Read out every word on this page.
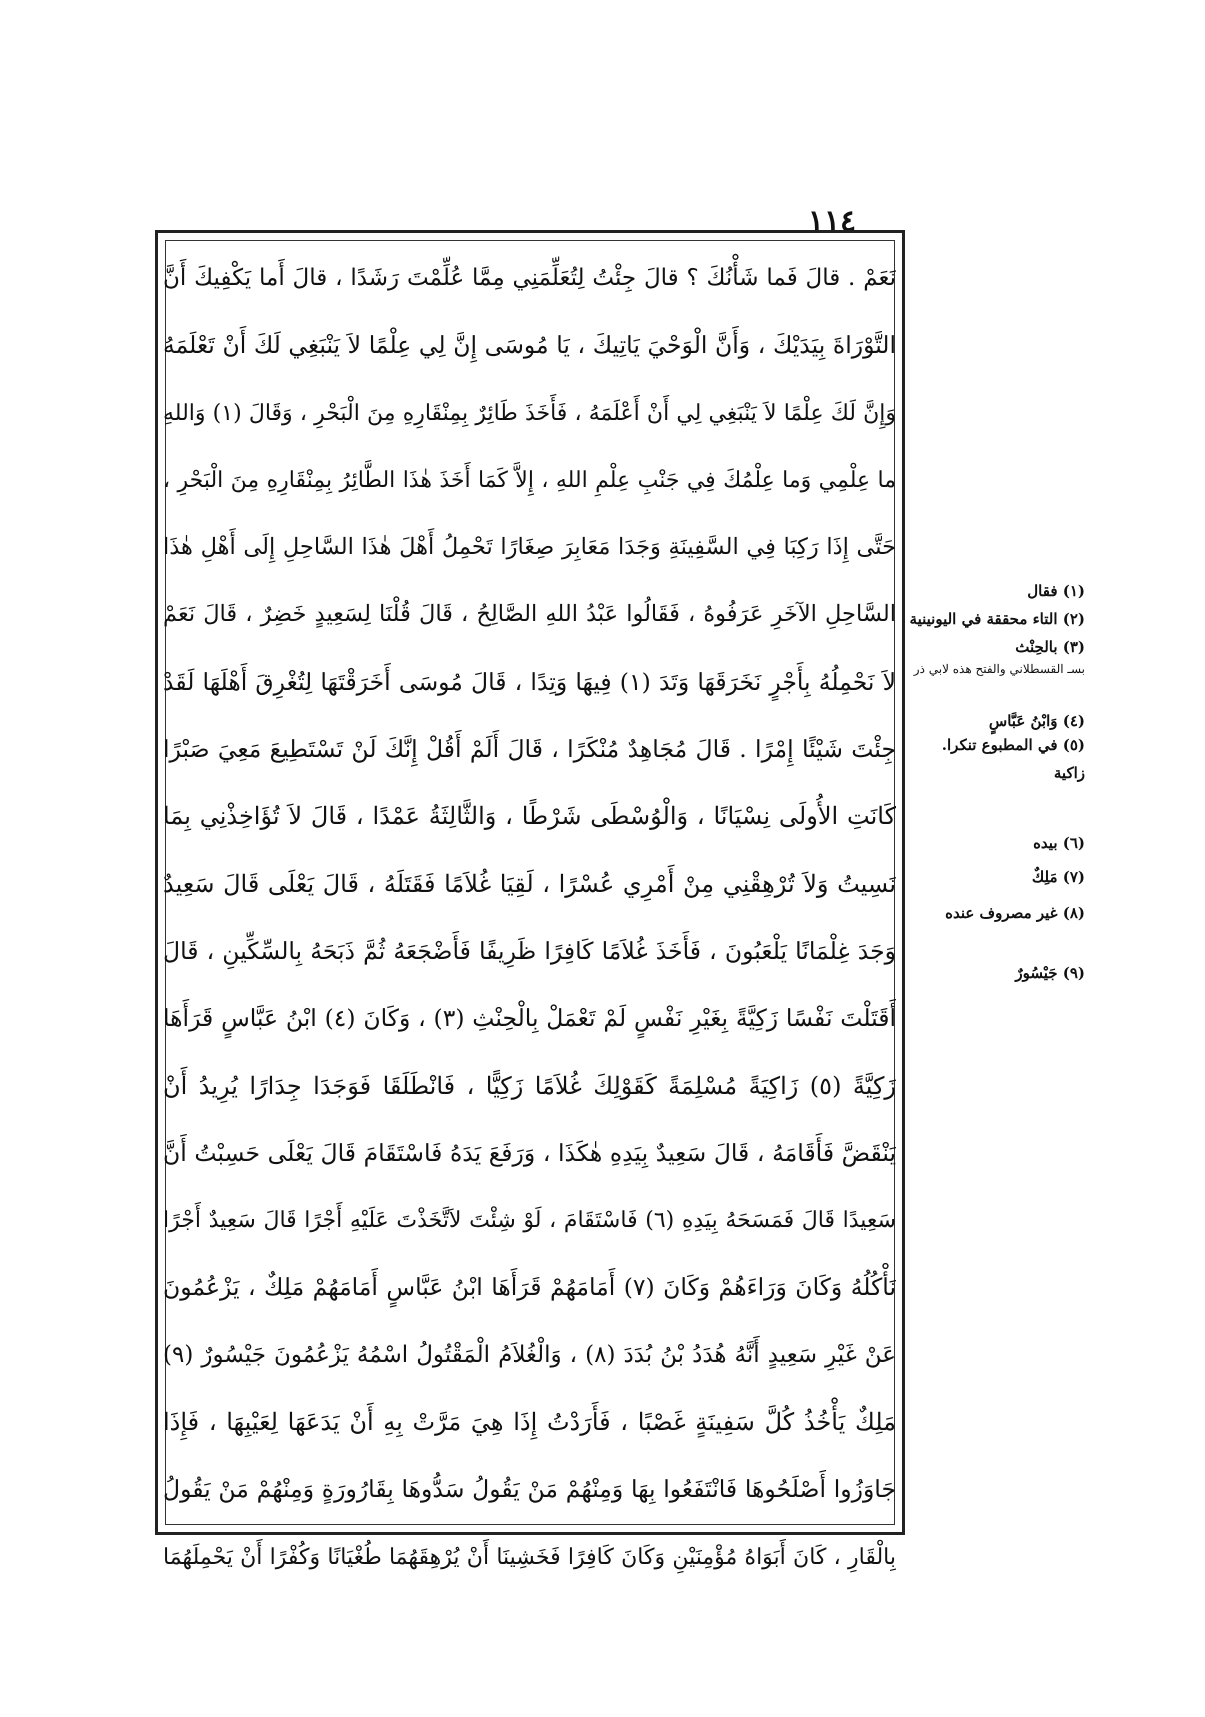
١١٤
نَعَمْ . قالَ فَما شَأْنُكَ ؟ قالَ جِئْتُ لِتُعَلِّمَنِي مِمَّا عُلِّمْتَ رَشَدًا ، قالَ أَما يَكْفِيكَ أَنَّ
التَّوْرَاةَ بِيَدَيْكَ ، وَأَنَّ الْوَحْيَ يَاتِيكَ ، يَا مُوسَى إِنَّ لِي عِلْمًا لاَ يَنْبَغِي لَكَ أَنْ تَعْلَمَهُ
وَإِنَّ لَكَ عِلْمًا لاَ يَنْبَغِي لِي أَنْ أَعْلَمَهُ ، فَأَخَذَ طَائِرٌ بِمِنْقَارِهِ مِنَ الْبَحْرِ ، وَقَالَ (١) وَاللهِ
ما عِلْمِي وَما عِلْمُكَ فِي جَنْبِ عِلْمِ اللهِ ، إِلاَّ كَمَا أَخَذَ هٰذَا الطَّائِرُ بِمِنْقَارِهِ مِنَ الْبَحْرِ ،
حَتَّى إِذَا رَكِبَا فِي السَّفِينَةِ وَجَدَا مَعَابِرَ صِغَارًا تَحْمِلُ أَهْلَ هٰذَا السَّاحِلِ إِلَى أَهْلِ هٰذَا
السَّاحِلِ الآخَرِ عَرَفُوهُ ، فَقَالُوا عَبْدُ اللهِ الصَّالِحُ ، قَالَ قُلْنَا لِسَعِيدٍ خَضِرٌ ، قَالَ نَعَمْ
لاَ نَحْمِلُهُ بِأَجْرٍ نَخَرَقَهَا وَتَدَ (١) فِيهَا وَتِدًا ، قَالَ مُوسَى أَخَرَقْتَهَا لِتُغْرِقَ أَهْلَهَا لَقَدْ
جِئْتَ شَيْئًا إِمْرًا . قَالَ مُجَاهِدٌ مُنْكَرًا ، قَالَ أَلَمْ أَقُلْ إِنَّكَ لَنْ تَسْتَطِيعَ مَعِيَ صَبْرًا
كَانَتِ الأُولَى نِسْيَانًا ، وَالْوُسْطَى شَرْطًا ، وَالثَّالِثَةُ عَمْدًا ، قَالَ لاَ تُؤَاخِذْنِي بِمَا
نَسِيتُ وَلاَ تُرْهِقْنِي مِنْ أَمْرِي عُسْرًا ، لَقِيَا غُلاَمًا فَقَتَلَهُ ، قَالَ يَعْلَى قَالَ سَعِيدٌ
وَجَدَ غِلْمَانًا يَلْعَبُونَ ، فَأَخَذَ غُلاَمًا كَافِرًا ظَرِيفًا فَأَضْجَعَهُ ثُمَّ ذَبَحَهُ بِالسِّكِّينِ ، قَالَ
أَقَتَلْتَ نَفْسًا زَكِيَّةً بِغَيْرِ نَفْسٍ لَمْ تَعْمَلْ بِالْحِنْثِ (٣) ، وَكَانَ (٤) ابْنُ عَبَّاسٍ قَرَأَهَا
زَكِيَّةً (٥) زَاكِيَةً مُسْلِمَةً كَقَوْلِكَ غُلاَمًا زَكِيًّا ، فَانْطَلَقَا فَوَجَدَا جِدَارًا يُرِيدُ أَنْ
يَنْقَضَّ فَأَقَامَهُ ، قَالَ سَعِيدٌ بِيَدِهِ هٰكَذَا ، وَرَفَعَ يَدَهُ فَاسْتَقَامَ قَالَ يَعْلَى حَسِبْتُ أَنَّ
سَعِيدًا قَالَ فَمَسَحَهُ بِيَدِهِ (٦) فَاسْتَقَامَ ، لَوْ شِئْتَ لاَتَّخَذْتَ عَلَيْهِ أَجْرًا قَالَ سَعِيدٌ أَجْرًا
نَأْكُلُهُ وَكَانَ وَرَاءَهُمْ وَكَانَ (٧) أَمَامَهُمْ قَرَأَهَا ابْنُ عَبَّاسٍ أَمَامَهُمْ مَلِكٌ ، يَزْعُمُونَ
عَنْ غَيْرِ سَعِيدٍ أَنَّهُ هُدَدُ بْنُ بُدَدَ (٨) ، وَالْغُلاَمُ الْمَقْتُولُ اسْمُهُ يَزْعُمُونَ جَيْسُورٌ (٩)
مَلِكٌ يَأْخُذُ كُلَّ سَفِينَةٍ غَصْبًا ، فَأَرَدْتُ إِذَا هِيَ مَرَّتْ بِهِ أَنْ يَدَعَهَا لِعَيْبِهَا ، فَإِذَا
جَاوَزُوا أَصْلَحُوهَا فَانْتَفَعُوا بِهَا وَمِنْهُمْ مَنْ يَقُولُ سَدُّوهَا بِقَارُورَةٍ وَمِنْهُمْ مَنْ يَقُولُ
بِالْقَارِ ، كَانَ أَبَوَاهُ مُؤْمِنَيْنِ وَكَانَ كَافِرًا فَخَشِينَا أَنْ يُرْهِقَهُمَا طُغْيَانًا وَكُفْرًا أَنْ يَحْمِلَهُمَا
(١) فقال
(٢) التاء محققة في اليونينية
(٣) بالحِنْث
بسـ القسطلاني والفتح هذه لابي ذر
(٤) وَابْنُ عَبَّاسٍ
(٥) في المطبوع تنكرا.
زاكية
(٦) بيده
(٧) مَلِكٌ
(٨) غير مصروف عنده
(٩) جَيْسُورٌ
